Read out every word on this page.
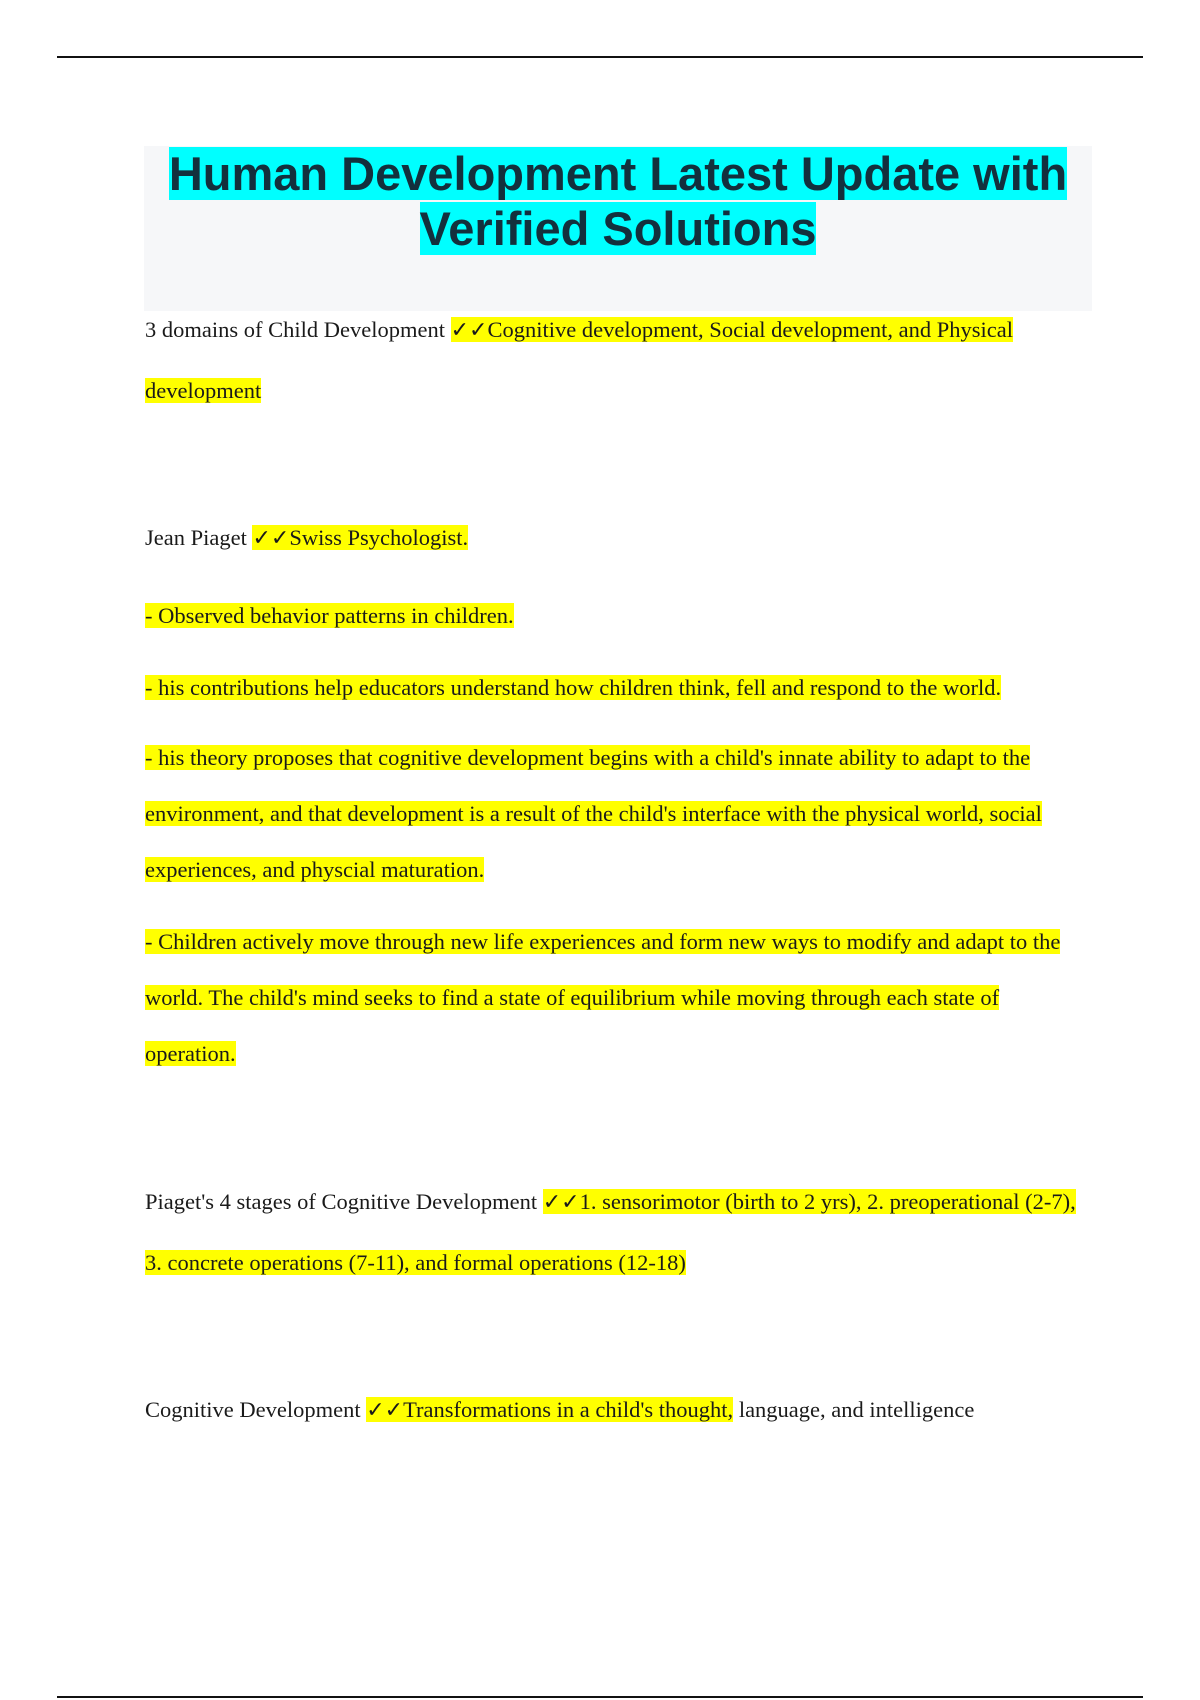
Human Development Latest Update with Verified Solutions

3 domains of Child Development ✓✓Cognitive development, Social development, and Physical development

Jean Piaget ✓✓Swiss Psychologist.

- Observed behavior patterns in children.

- his contributions help educators understand how children think, fell and respond to the world.

- his theory proposes that cognitive development begins with a child's innate ability to adapt to the environment, and that development is a result of the child's interface with the physical world, social experiences, and physcial maturation.

- Children actively move through new life experiences and form new ways to modify and adapt to the world. The child's mind seeks to find a state of equilibrium while moving through each state of operation.

Piaget's 4 stages of Cognitive Development ✓✓1. sensorimotor (birth to 2 yrs), 2. preoperational (2-7), 3. concrete operations (7-11), and formal operations (12-18)

Cognitive Development ✓✓Transformations in a child's thought, language, and intelligence
